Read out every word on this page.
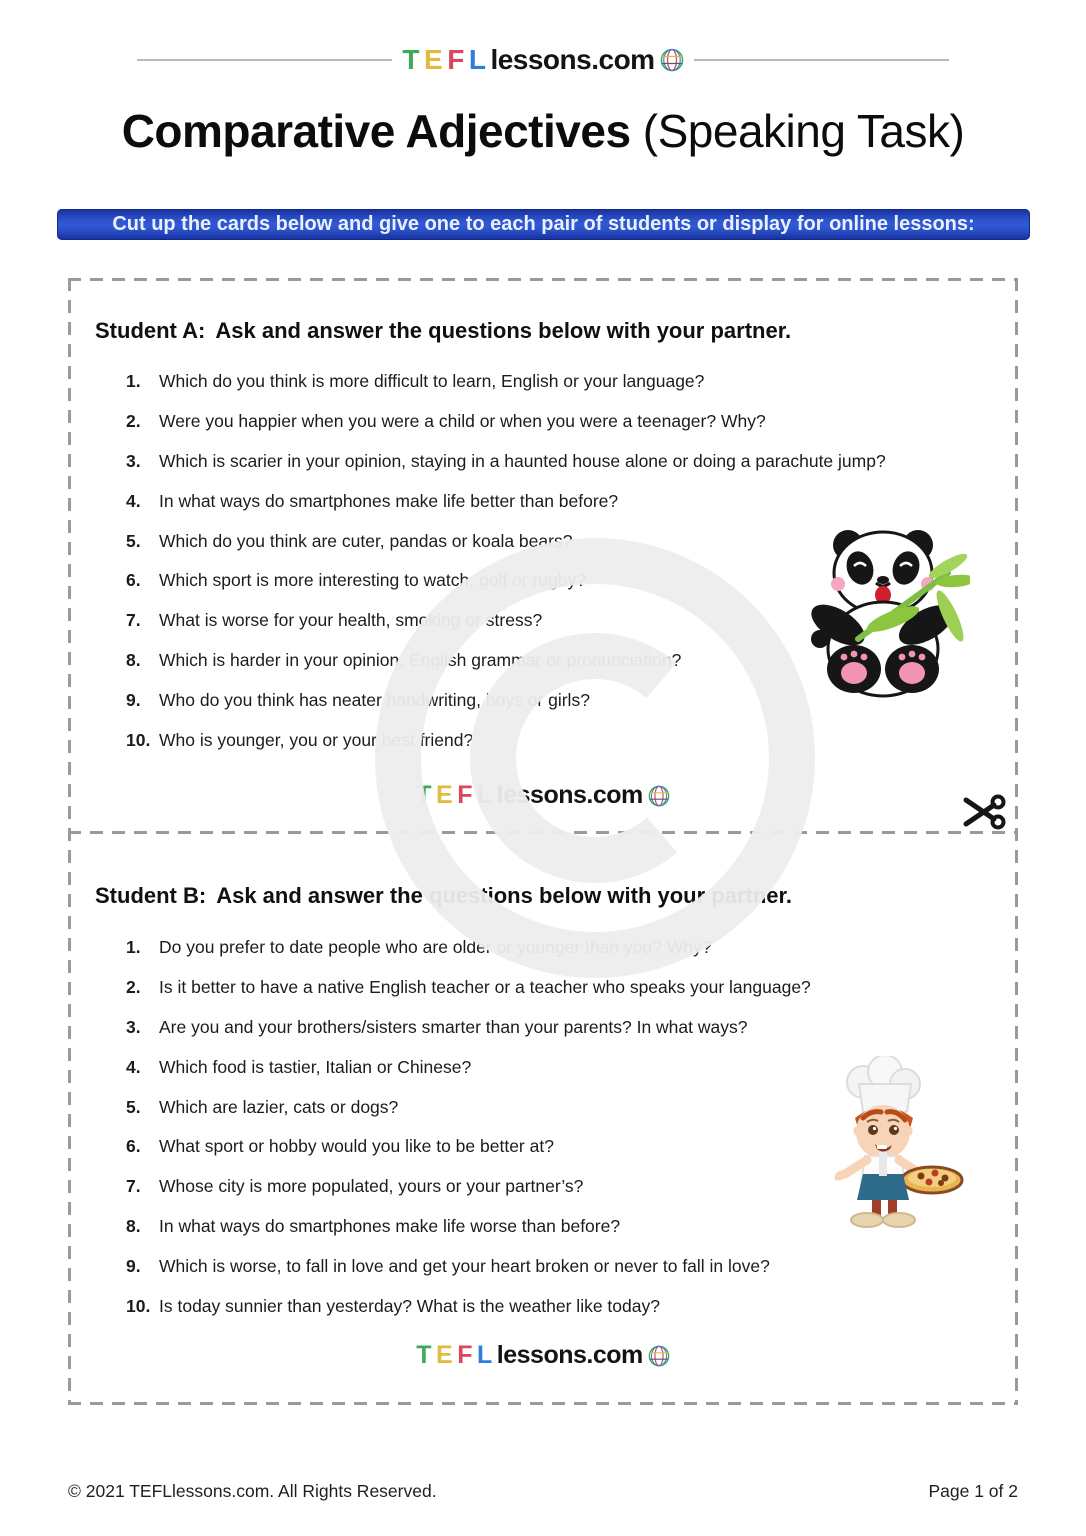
T E F L lessons.com
Comparative Adjectives (Speaking Task)
Cut up the cards below and give one to each pair of students or display for online lessons:
Student A: Ask and answer the questions below with your partner.
1.	Which do you think is more difficult to learn, English or your language?
2.	Were you happier when you were a child or when you were a teenager? Why?
3.	Which is scarier in your opinion, staying in a haunted house alone or doing a parachute jump?
4.	In what ways do smartphones make life better than before?
5.	Which do you think are cuter, pandas or koala bears?
6.	Which sport is more interesting to watch, golf or rugby?
7.	What is worse for your health, smoking or stress?
8.	Which is harder in your opinion, English grammar or pronunciation?
9.	Who do you think has neater handwriting, boys or girls?
10. Who is younger, you or your best friend?
T E F L lessons.com
Student B: Ask and answer the questions below with your partner.
1.	Do you prefer to date people who are older or younger than you? Why?
2.	Is it better to have a native English teacher or a teacher who speaks your language?
3.	Are you and your brothers/sisters smarter than your parents? In what ways?
4.	Which food is tastier, Italian or Chinese?
5.	Which are lazier, cats or dogs?
6.	What sport or hobby would you like to be better at?
7.	Whose city is more populated, yours or your partner’s?
8.	In what ways do smartphones make life worse than before?
9.	Which is worse, to fall in love and get your heart broken or never to fall in love?
10. Is today sunnier than yesterday? What is the weather like today?
T E F L lessons.com
© 2021 TEFLlessons.com. All Rights Reserved.	Page 1 of 2
